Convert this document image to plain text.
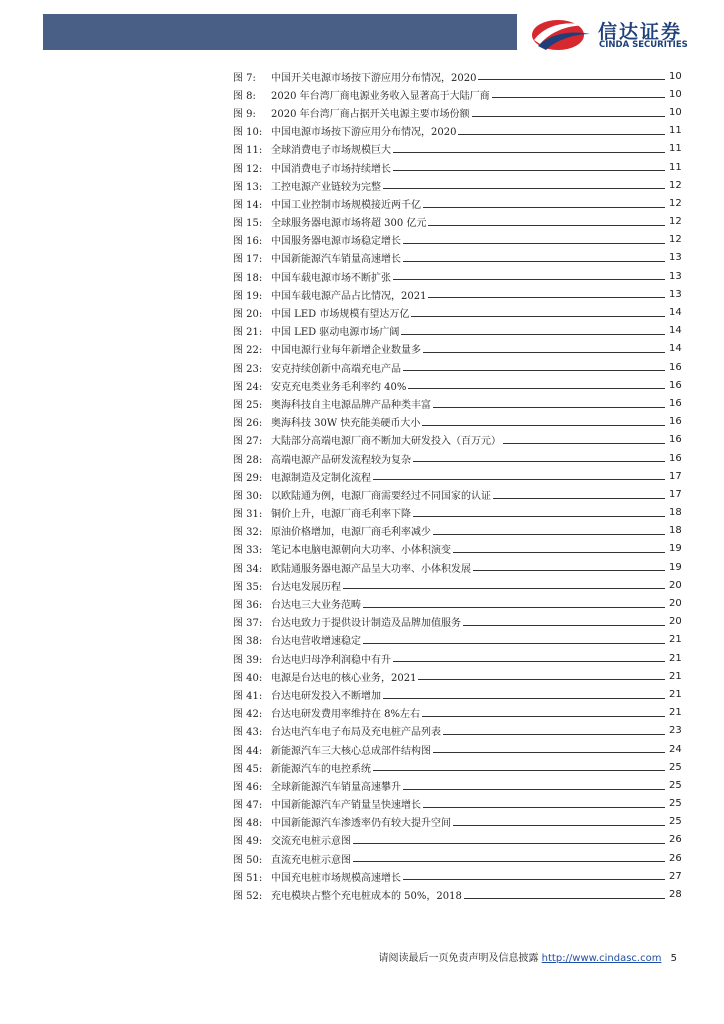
信达证券
CINDA SECURITIES
图 7:	中国开关电源市场按下游应用分布情况，2020	10
图 8:	2020 年台湾厂商电源业务收入显著高于大陆厂商	10
图 9:	2020 年台湾厂商占据开关电源主要市场份额	10
图 10: 中国电源市场按下游应用分布情况，2020	11
图 11: 全球消费电子市场规模巨大	11
图 12: 中国消费电子市场持续增长	11
图 13: 工控电源产业链较为完整	12
图 14: 中国工业控制市场规模接近两千亿	12
图 15: 全球服务器电源市场将超 300 亿元	12
图 16: 中国服务器电源市场稳定增长	12
图 17: 中国新能源汽车销量高速增长	13
图 18: 中国车载电源市场不断扩张	13
图 19: 中国车载电源产品占比情况，2021	13
图 20: 中国 LED 市场规模有望达万亿	14
图 21: 中国 LED 驱动电源市场广阔	14
图 22: 中国电源行业每年新增企业数量多	14
图 23: 安克持续创新中高端充电产品	16
图 24: 安克充电类业务毛利率约 40%	16
图 25: 奥海科技自主电源品牌产品种类丰富	16
图 26: 奥海科技 30W 快充能美硬币大小	16
图 27: 大陆部分高端电源厂商不断加大研发投入（百万元）	16
图 28: 高端电源产品研发流程较为复杂	16
图 29: 电源制造及定制化流程	17
图 30: 以欧陆通为例，电源厂商需要经过不同国家的认证	17
图 31: 铜价上升，电源厂商毛利率下降	18
图 32: 原油价格增加，电源厂商毛利率减少	18
图 33: 笔记本电脑电源朝向大功率、小体积演变	19
图 34: 欧陆通服务器电源产品呈大功率、小体积发展	19
图 35: 台达电发展历程	20
图 36: 台达电三大业务范畴	20
图 37: 台达电致力于提供设计制造及品牌加值服务	20
图 38: 台达电营收增速稳定	21
图 39: 台达电归母净利润稳中有升	21
图 40: 电源是台达电的核心业务，2021	21
图 41: 台达电研发投入不断增加	21
图 42: 台达电研发费用率维持在 8%左右	21
图 43: 台达电汽车电子布局及充电桩产品列表	23
图 44: 新能源汽车三大核心总成部件结构图	24
图 45: 新能源汽车的电控系统	25
图 46: 全球新能源汽车销量高速攀升	25
图 47: 中国新能源汽车产销量呈快速增长	25
图 48: 中国新能源汽车渗透率仍有较大提升空间	25
图 49: 交流充电桩示意图	26
图 50: 直流充电桩示意图	26
图 51: 中国充电桩市场规模高速增长	27
图 52: 充电模块占整个充电桩成本的 50%，2018	28
请阅读最后一页免责声明及信息披露 http://www.cindasc.com 5
